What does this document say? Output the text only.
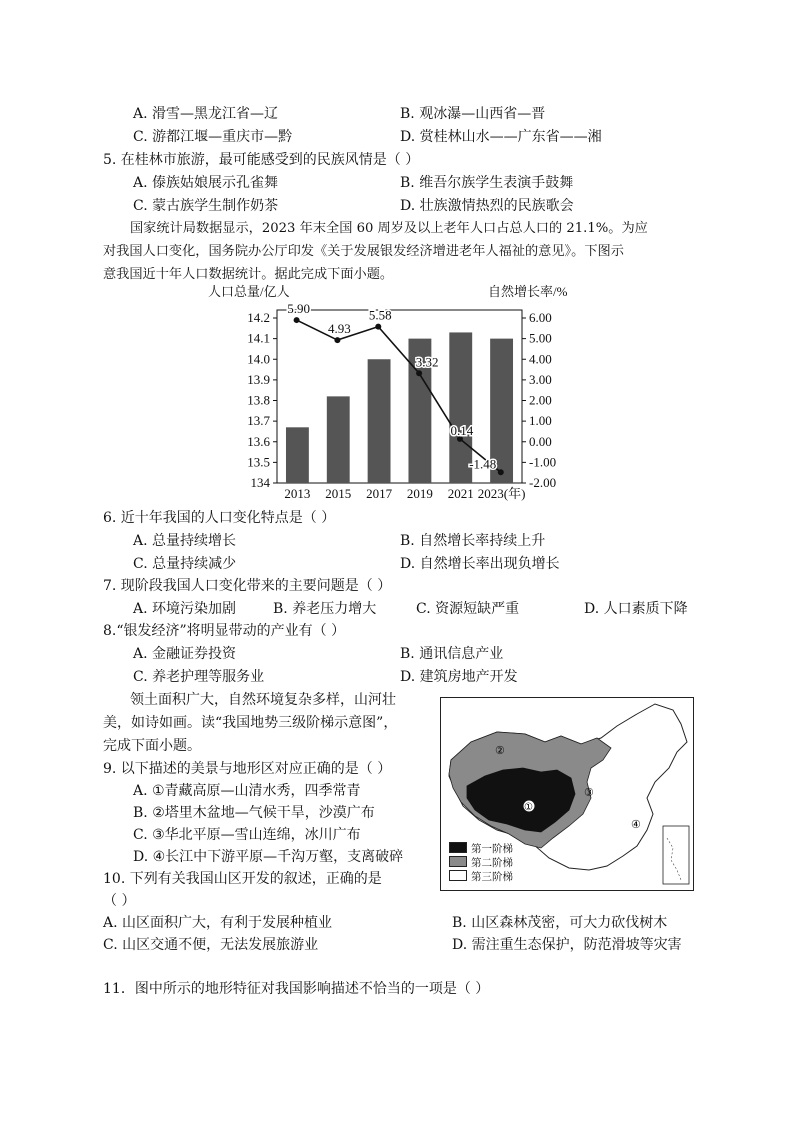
A. 滑雪—黑龙江省—辽	B. 观冰瀑—山西省—晋
C. 游都江堰—重庆市—黔	D. 赏桂林山水——广东省——湘
5. 在桂林市旅游，最可能感受到的民族风情是（ ）
A. 傣族姑娘展示孔雀舞	B. 维吾尔族学生表演手鼓舞
C. 蒙古族学生制作奶茶	D. 壮族激情热烈的民族歌会
国家统计局数据显示，2023 年末全国 60 周岁及以上老年人口占总人口的 21.1%。为应
对我国人口变化，国务院办公厅印发《关于发展银发经济增进老年人福祉的意见》。下图示
意我国近十年人口数据统计。据此完成下面小题。
人口总量/亿人	自然增长率/%
14.2
14.1
14.0
13.9
13.8
13.7
13.6
13.5
134
6.00
5.00
4.00
3.00
2.00
1.00
0.00
-1.00
-2.00
5.90
4.93
5.58
3.32
0.14
-1.48
2013 2015 2017 2019 2021 2023(年)
6. 近十年我国的人口变化特点是（ ）
A. 总量持续增长	B. 自然增长率持续上升
C. 总量持续减少	D. 自然增长率出现负增长
7. 现阶段我国人口变化带来的主要问题是（ ）
A. 环境污染加剧	B. 养老压力增大	C. 资源短缺严重	D. 人口素质下降
8.“银发经济”将明显带动的产业有（ ）
A. 金融证券投资	B. 通讯信息产业
C. 养老护理等服务业	D. 建筑房地产开发
领土面积广大，自然环境复杂多样，山河壮
美，如诗如画。读“我国地势三级阶梯示意图”，
完成下面小题。
9. 以下描述的美景与地形区对应正确的是（ ）
A. ①青藏高原—山清水秀，四季常青
B. ②塔里木盆地—气候干旱，沙漠广布
C. ③华北平原—雪山连绵，冰川广布
D. ④长江中下游平原—千沟万壑，支离破碎
10. 下列有关我国山区开发的叙述，正确的是
（ ）
A. 山区面积广大，有利于发展种植业	B. 山区森林茂密，可大力砍伐树木
C. 山区交通不便，无法发展旅游业	D. 需注重生态保护，防范滑坡等灾害
11．图中所示的地形特征对我国影响描述不恰当的一项是（ ）
①
②
③
④
第一阶梯
第二阶梯
第三阶梯
